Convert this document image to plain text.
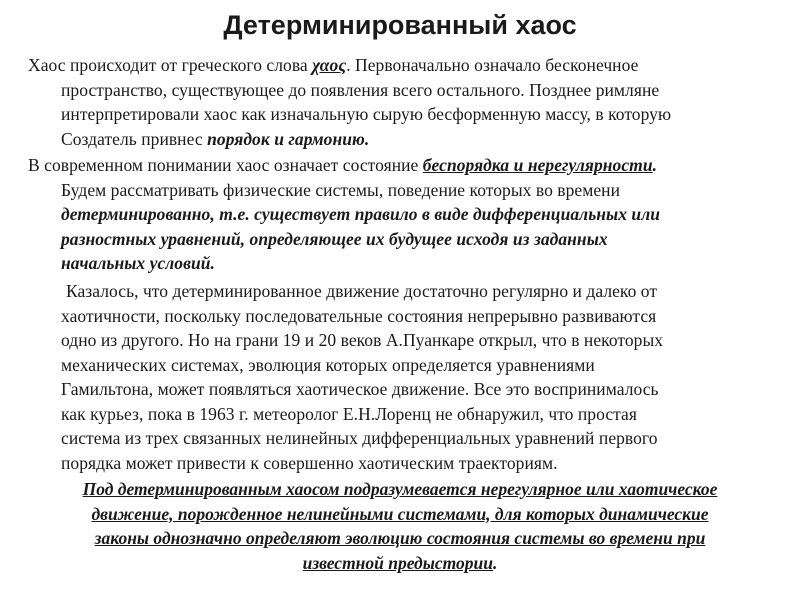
Детерминированный хаос
Хаос происходит от греческого слова χαος. Первоначально означало бесконечное
пространство, существующее до появления всего остального. Позднее римляне
интерпретировали хаос как изначальную сырую бесформенную массу, в которую
Создатель привнес порядок и гармонию.
В современном понимании хаос означает состояние беспорядка и нерегулярности.
Будем рассматривать физические системы, поведение которых во времени
детерминированно, т.е. существует правило в виде дифференциальных или
разностных уравнений, определяющее их будущее исходя из заданных
начальных условий.
Казалось, что детерминированное движение достаточно регулярно и далеко от
хаотичности, поскольку последовательные состояния непрерывно развиваются
одно из другого. Но на грани 19 и 20 веков А.Пуанкаре открыл, что в некоторых
механических системах, эволюция которых определяется уравнениями
Гамильтона, может появляться хаотическое движение. Все это воспринималось
как курьез, пока в 1963 г. метеоролог Е.Н.Лоренц не обнаружил, что простая
система из трех связанных нелинейных дифференциальных уравнений первого
порядка может привести к совершенно хаотическим траекториям.
Под детерминированным хаосом подразумевается нерегулярное или хаотическое
движение, порожденное нелинейными системами, для которых динамические
законы однозначно определяют эволюцию состояния системы во времени при
известной предыстории.
